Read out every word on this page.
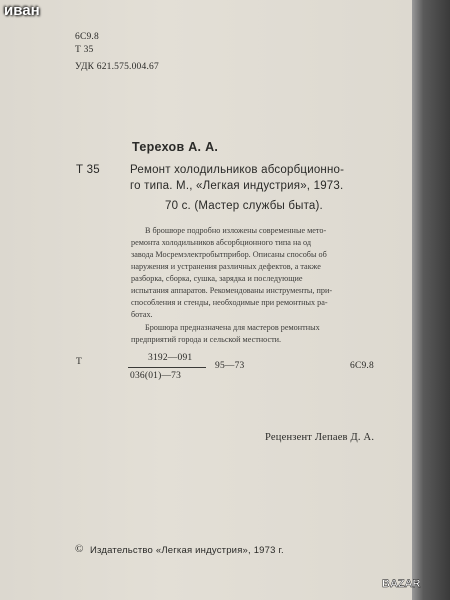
6С9.8
Т 35
УДК 621.575.004.67
Терехов А. А.
Т 35	Ремонт холодильников абсорбционно-
го типа. М., «Легкая индустрия», 1973.
70 с. (Мастер службы быта).
В брошюре подробно изложены современные мето-
ремонта холодильников абсорбционного типа на од
завода Мосремэлектробытприбор. Описаны способы об
наружения и устранения различных дефектов, а также
разборка, сборка, сушка, зарядка и последующие
испытания аппаратов. Рекомендованы инструменты, при-
способления и стенды, необходимые при ремонтных ра-
ботах.
Брошюра предназначена для мастеров ремонтных
предприятий города и сельской местности.
Т	3192—091
036(01)—73
95—73	6С9.8
Рецензент Лепаев Д. А.
© Издательство «Легкая индустрия», 1973 г.
иван
BAZAR
